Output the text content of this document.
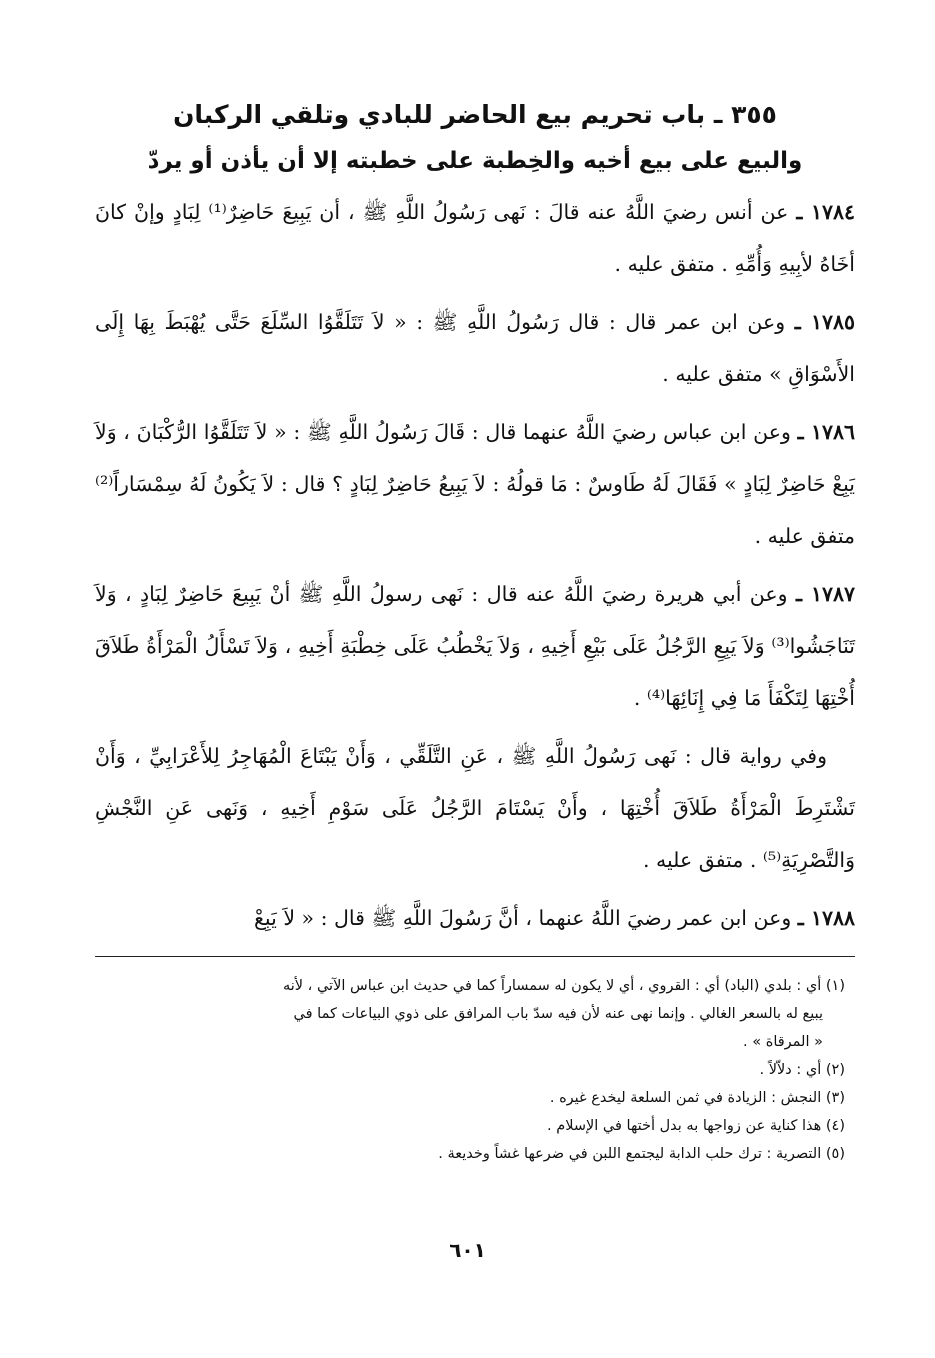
٣٥٥ ـ باب تحريم بيع الحاضر للبادي وتلقي الركبان
والبيع على بيع أخيه والخِطبة على خطبته إلا أن يأذن أو يردّ

١٧٨٤ ـ عن أنس رضيَ اللَّهُ عنه قالَ : نَهى رَسُولُ اللَّهِ ﷺ ، أن يَبِيعَ حَاضِرٌ⁽¹⁾ لِبَادٍ وإنْ كانَ أخَاهُ لأبِيهِ وَأُمِّهِ . متفق عليه .

١٧٨٥ ـ وعن ابن عمر قال : قال رَسُولُ اللَّهِ ﷺ : « لاَ تَتَلَقَّوُا السِّلَعَ حَتَّى يُهْبَطَ بِهَا إِلَى الأَسْوَاقِ » متفق عليه .

١٧٨٦ ـ وعن ابن عباس رضيَ اللَّهُ عنهما قال : قَالَ رَسُولُ اللَّهِ ﷺ : « لاَ تَتَلَقَّوُا الرُّكْبَانَ ، وَلاَ يَبِعْ حَاضِرٌ لِبَادٍ » فَقَالَ لَهُ طَاوسٌ : مَا قولُهُ : لاَ يَبِيعُ حَاضِرٌ لِبَادٍ ؟ قال : لاَ يَكُونُ لَهُ سِمْسَاراً⁽²⁾ متفق عليه .

١٧٨٧ ـ وعن أبي هريرة رضيَ اللَّهُ عنه قال : نَهى رسولُ اللَّهِ ﷺ أنْ يَبِيعَ حَاضِرٌ لِبَادٍ ، وَلاَ تَنَاجَشُوا⁽³⁾ وَلاَ يَبِعِ الرَّجُلُ عَلَى بَيْعِ أَخِيهِ ، وَلاَ يَخْطُبُ عَلَى خِطْبَةِ أَخِيهِ ، وَلاَ تَسْأَلُ الْمَرْأَةُ طَلاَقَ أُخْتِهَا لِتَكْفَأَ مَا فِي إِنَائِهَا⁽⁴⁾ .

وفي رواية قال : نَهى رَسُولُ اللَّهِ ﷺ ، عَنِ التَّلَقِّي ، وَأَنْ يَبْتَاعَ الْمُهَاجِرُ لِلأَعْرَابِيِّ ، وَأَنْ تَشْتَرِطَ الْمَرْأَةُ طَلاَقَ أُخْتِهَا ، وأَنْ يَسْتَامَ الرَّجُلُ عَلَى سَوْمِ أَخِيهِ ، وَنَهى عَنِ النَّجْشِ وَالتَّصْرِيَةِ⁽⁵⁾ . متفق عليه .

١٧٨٨ ـ وعن ابن عمر رضيَ اللَّهُ عنهما ، أنَّ رَسُولَ اللَّهِ ﷺ قال : « لاَ يَبِعْ

(١) أي : بلدي (الباد) أي : القروي ، أي لا يكون له سمساراً كما في حديث ابن عباس الآتي ، لأنه
يبيع له بالسعر الغالي . وإنما نهى عنه لأن فيه سدّ باب المرافق على ذوي البياعات كما في
« المرقاة » .

(٢) أي : دلاّلاً .

(٣) النجش : الزيادة في ثمن السلعة ليخدع غيره .

(٤) هذا كناية عن زواجها به بدل أختها في الإسلام .

(٥) التصرية : ترك حلب الدابة ليجتمع اللبن في ضرعها غشاً وخديعة .

٦٠١
